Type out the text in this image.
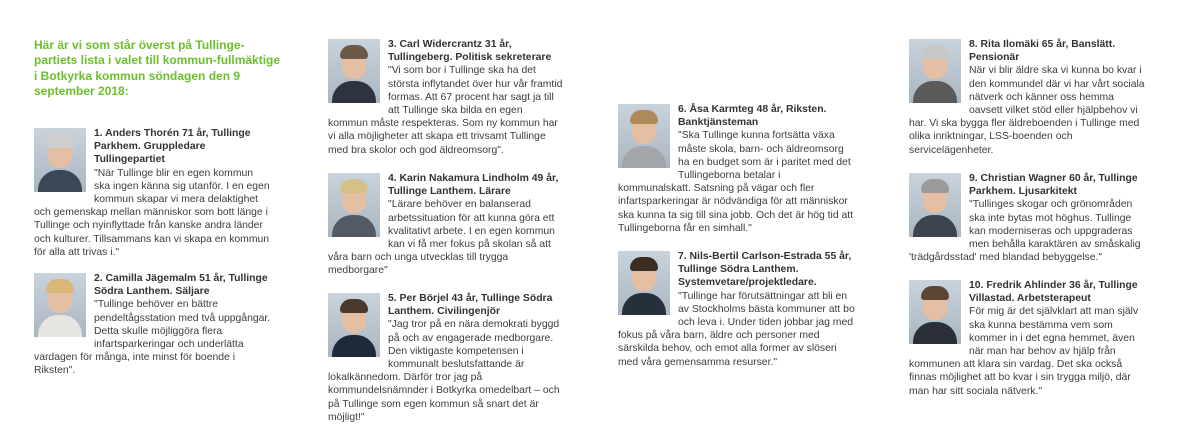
Här är vi som står överst på Tullinge-partiets lista i valet till kommun-fullmäktige i Botkyrka kommun söndagen den 9 september 2018:

1. Anders Thorén 71 år, Tullinge Parkhem. Gruppledare Tullingepartiet
"När Tullinge blir en egen kommun ska ingen känna sig utanför. I en egen kommun skapar vi mera delaktighet och gemenskap mellan människor som bott länge i Tullinge och nyinflyttade från kanske andra länder och kulturer. Tillsammans kan vi skapa en kommun för alla att trivas i."
2. Camilla Jägemalm 51 år, Tullinge Södra Lanthem. Säljare
"Tullinge behöver en bättre pendeltågsstation med två uppgångar. Detta skulle möjliggöra flera infartsparkeringar och underlätta vardagen för många, inte minst för boende i Riksten".
3. Carl Widercrantz 31 år, Tullingeberg. Politisk sekreterare
"Vi som bor i Tullinge ska ha det största inflytandet över hur vår framtid formas. Att 67 procent har sagt ja till att Tullinge ska bilda en egen kommun måste respekteras. Som ny kommun har vi alla möjligheter att skapa ett trivsamt Tullinge med bra skolor och god äldreomsorg".
4. Karin Nakamura Lindholm 49 år, Tullinge Lanthem. Lärare
"Lärare behöver en balanserad arbetssituation för att kunna göra ett kvalitativt arbete. I en egen kommun kan vi få mer fokus på skolan så att våra barn och unga utvecklas till trygga medborgare"
5. Per Börjel 43 år, Tullinge Södra Lanthem. Civilingenjör
"Jag tror på en nära demokrati byggd på och av engagerade medborgare. Den viktigaste kompetensen i kommunalt beslutsfattande är lokalkännedom. Därför tror jag på kommundelsnämnder i Botkyrka omedelbart – och på Tullinge som egen kommun så snart det är möjligt!"
6. Åsa Karmteg 48 år, Riksten. Banktjänsteman
"Ska Tullinge kunna fortsätta växa måste skola, barn- och äldreomsorg ha en budget som är i paritet med det Tullingeborna betalar i kommunalskatt. Satsning på vägar och fler infartsparkeringar är nödvändiga för att människor ska kunna ta sig till sina jobb. Och det är hög tid att Tullingeborna får en simhall."
7. Nils-Bertil Carlson-Estrada 55 år, Tullinge Södra Lanthem. Systemvetare/projektledare.
"Tullinge har förutsättningar att bli en av Stockholms bästa kommuner att bo och leva i. Under tiden jobbar jag med fokus på våra barn, äldre och personer med särskilda behov, och emot alla former av slöseri med våra gemensamma resurser."
8. Rita Ilomäki 65 år, Banslätt. Pensionär
När vi blir äldre ska vi kunna bo kvar i den kommundel där vi har vårt sociala nätverk och känner oss hemma oavsett vilket stöd eller hjälpbehov vi har. Vi ska bygga fler äldreboenden i Tullinge med olika inriktningar, LSS-boenden och servicelägenheter.
9. Christian Wagner 60 år, Tullinge Parkhem. Ljusarkitekt
"Tullinges skogar och grönområden ska inte bytas mot höghus. Tullinge kan moderniseras och uppgraderas men behålla karaktären av småskalig 'trädgårdsstad' med blandad bebyggelse."
10. Fredrik Ahlinder 36 år, Tullinge Villastad. Arbetsterapeut
För mig är det självklart att man själv ska kunna bestämma vem som kommer in i det egna hemmet, även när man har behov av hjälp från kommunen att klara sin vardag. Det ska också finnas möjlighet att bo kvar i sin trygga miljö, där man har sitt sociala nätverk."
